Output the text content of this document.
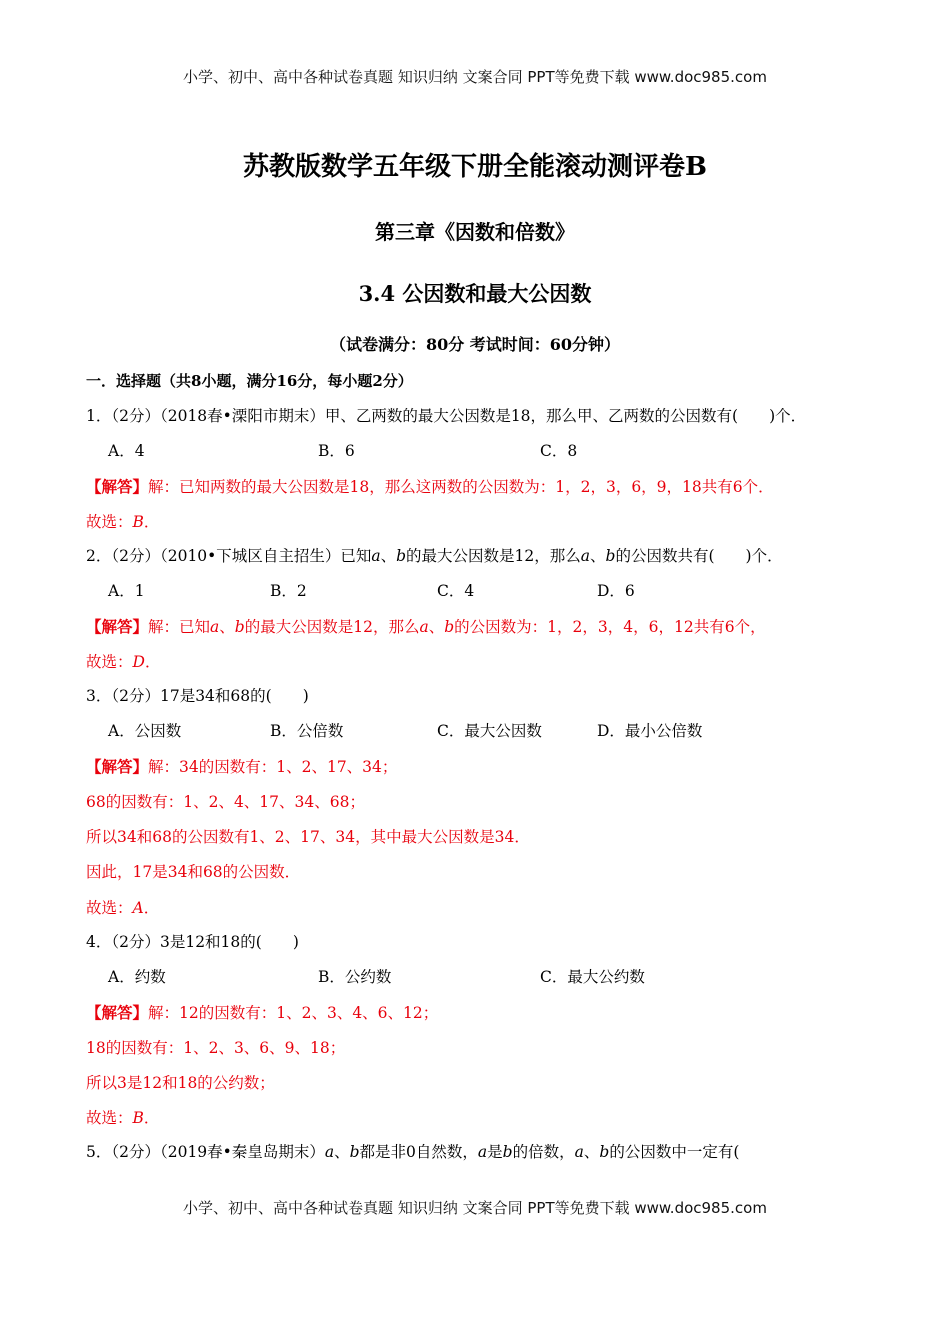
小学、初中、高中各种试卷真题 知识归纳 文案合同 PPT等免费下载 www.doc985.com
苏教版数学五年级下册全能滚动测评卷B
第三章《因数和倍数》
3.4 公因数和最大公因数
（试卷满分：80分 考试时间：60分钟）
一．选择题（共8小题，满分16分，每小题2分）
1．（2分）（2018春•溧阳市期末）甲、乙两数的最大公因数是18，那么甲、乙两数的公因数有(　　)个．
A．4	B．6	C．8
【解答】解：已知两数的最大公因数是18，那么这两数的公因数为：1，2，3，6，9，18共有6个．
故选：B．
2．（2分）（2010•下城区自主招生）已知a、b的最大公因数是12，那么a、b的公因数共有(　　)个．
A．1	B．2	C．4	D．6
【解答】解：已知a、b的最大公因数是12，那么a、b的公因数为：1，2，3，4，6，12共有6个，
故选：D．
3．（2分）17是34和68的(　　)
A．公因数	B．公倍数	C．最大公因数	D．最小公倍数
【解答】解：34的因数有：1、2、17、34；
68的因数有：1、2、4、17、34、68；
所以34和68的公因数有1、2、17、34，其中最大公因数是34．
因此，17是34和68的公因数．
故选：A．
4．（2分）3是12和18的(　　)
A．约数	B．公约数	C．最大公约数
【解答】解：12的因数有：1、2、3、4、6、12；
18的因数有：1、2、3、6、9、18；
所以3是12和18的公约数；
故选：B．
5．（2分）（2019春•秦皇岛期末）a、b都是非0自然数，a是b的倍数，a、b的公因数中一定有(
小学、初中、高中各种试卷真题 知识归纳 文案合同 PPT等免费下载 www.doc985.com
